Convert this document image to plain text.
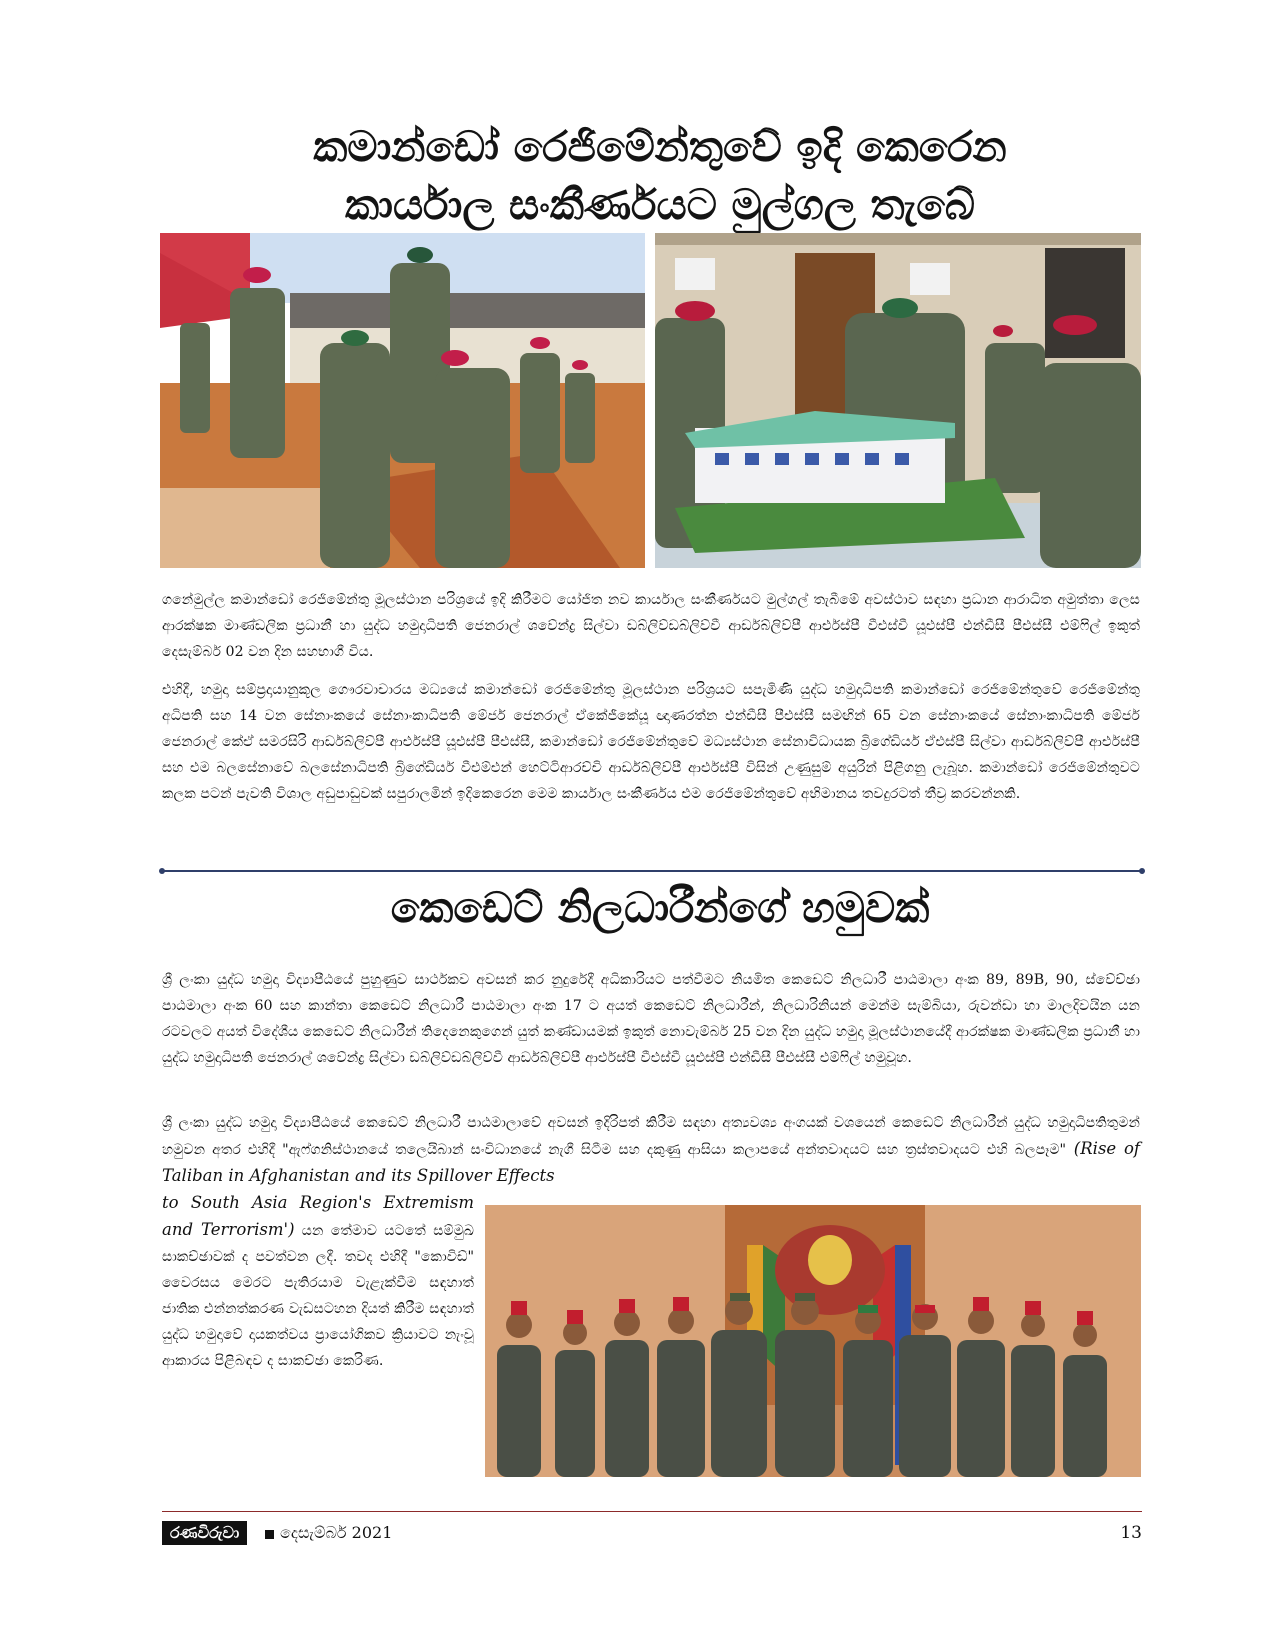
කමාන්ඩෝ රෙජිමේන්තුවේ ඉදි කෙරෙන
කාර්යාල සංකීර්ණයට මුල්ගල තැබේ

ගනේමුල්ල කමාන්ඩෝ රෙජිමේන්තු මූලස්ථාන පරිශ්‍රයේ ඉදි කිරීමට යෝජිත නව කාර්යාල සංකීර්ණයට මුල්ගල් තැබීමේ අවස්ථාව සඳහා ප්‍රධාන ආරාධිත අමුත්තා ලෙස ආරක්ෂක මාණ්ඩලික ප්‍රධානී හා යුද්ධ හමුදාධිපති ජෙනරාල් ශවේන්ද්‍ර සිල්වා ඩබ්ලිව්ඩබ්ලිව්වී ආර්ඩබ්ලිව්පී ආර්එස්පී වීඑස්වී යූඑස්පී එන්ඩීසී පීඑස්සී එම්ෆිල් ඉකුත් දෙසැම්බර් 02 වන දින සහභාගී විය.

එහිදී, හමුදා සම්ප්‍රදායානුකූල ගෞරවාචාරය මධ්‍යයේ කමාන්ඩෝ රෙජිමේන්තු මූලස්ථාන පරිශ්‍රයට සපැමිණි යුද්ධ හමුදාධිපති කමාන්ඩෝ රෙජිමේන්තුවේ රෙජිමේන්තු අධිපති සහ 14 වන සේනාංකයේ සේනාංකාධිපති මේජර් ජෙනරාල් ඒකේජීකේයූ ඥාණරත්න එන්ඩීසී පීඑස්සී සමඟින් 65 වන සේනාංකයේ සේනාංකාධිපති මේජර් ජෙනරාල් කේඒ සමරසිරි ආර්ඩබ්ලිව්පී ආර්එස්පී යූඑස්පී පීඑස්සී, කමාන්ඩෝ රෙජිමේන්තුවේ මධ්‍යස්ථාන සේනාවිධායක බ්‍රිගේඩියර් ඒඑස්පී සිල්වා ආර්ඩබ්ලිව්පී ආර්එස්පී සහ එම බලසේනාවේ බලසේනාධිපති බ්‍රිගේඩියර් වීඑම්එන් හෙට්ටිආරච්චි ආර්ඩබ්ලිව්පී ආර්එස්පී විසින් උණුසුම් අයුරින් පිළිගනු ලැබූහ. කමාන්ඩෝ රෙජිමේන්තුවට කලක පටන් පැවති විශාල අඩුපාඩුවක් සපුරාලමින් ඉදිකෙරෙන මෙම කාර්යාල සංකීර්ණය එම රෙජිමේන්තුවේ අභිමානය තවදුරටත් තීව්‍ර කරවන්නකි.

කෙඩෙට් නිලධාරීන්ගේ හමුවක්

ශ්‍රී ලංකා යුද්ධ හමුදා විද්‍යාපීඨයේ පුහුණුව සාර්ථකව අවසන් කර නුදුරේදී අධිකාරියට පත්වීමට නියමිත කෙඩෙට් නිලධාරී පාඨමාලා අංක 89, 89B, 90, ස්වේච්ඡා පාඨමාලා අංක 60 සහ කාන්තා කෙඩෙට් නිලධාරී පාඨමාලා අංක 17 ට අයත් කෙඩෙට් නිලධාරීන්, නිලධාරිනියන් මෙන්ම සැම්බියා, රුවන්ඩා හා මාලදිවයින යන රටවලට අයත් විදේශීය කෙඩෙට් නිලධාරීන් තිදෙනෙකුගෙන් යුත් කණ්ඩායමක් ඉකුත් නොවැම්බර් 25 වන දින යුද්ධ හමුදා මූලස්ථානයේදී ආරක්ෂක මාණ්ඩලික ප්‍රධානී හා යුද්ධ හමුදාධිපති ජෙනරාල් ශවේන්ද්‍ර සිල්වා ඩබ්ලිව්ඩබ්ලිව්වී ආර්ඩබ්ලිව්පී ආර්එස්පී වීඑස්වී යූඑස්පී එන්ඩීසී පීඑස්සී එම්ෆිල් හමුවූහ.

ශ්‍රී ලංකා යුද්ධ හමුදා විද්‍යාපීඨයේ කෙඩෙට් නිලධාරී පාඨමාලාවේ අවසන් ඉදිරිපත් කිරීම සඳහා අත්‍යවශ්‍ය අංගයක් වශයෙන් කෙඩෙට් නිලධාරීන් යුද්ධ හමුදාධිපතිතුමන් හමුවන අතර එහිදී "ඇෆ්ගනිස්ථානයේ තලෙයිබාන් සංවිධානයේ නැගී සිටීම සහ දකුණු ආසියා කලාපයේ අන්තවාදයට සහ ත්‍රස්තවාදයට එහි බලපෑම" (Rise of Taliban in Afghanistan and its Spillover Effects

to South Asia Region's Extremism and Terrorism') යන තේමාව යටතේ සම්මුඛ සාකච්ඡාවක් ද පවත්වන ලදී. තවද එහිදී "කොවිඩ්" වෛරසය මෙරට පැතිරයාම වැළැක්වීම සඳහාත් ජාතික එන්නත්කරණ වැඩසටහන දියත් කිරීම සඳහාත් යුද්ධ හමුදාවේ දායකත්වය ප්‍රායෝගිකව ක්‍රියාවට නැංවූ ආකාරය පිළිබඳව ද සාකච්ඡා කෙරිණ.

රණවිරුවා	දෙසැම්බර් 2021	13
